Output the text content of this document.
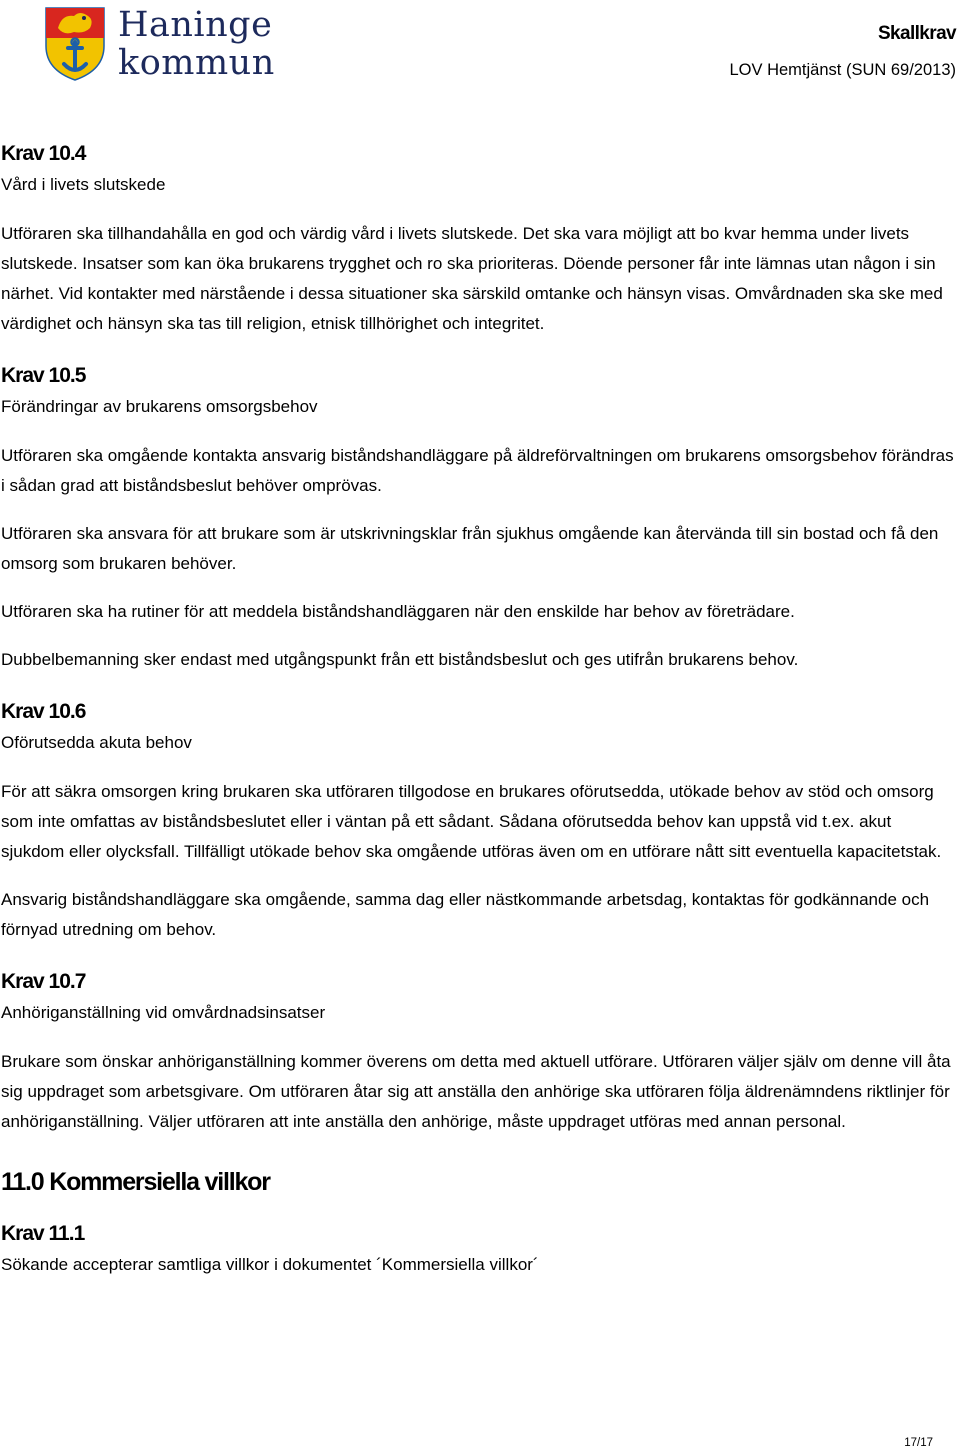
Haninge
kommun
Skallkrav
LOV Hemtjänst (SUN 69/2013)
Krav 10.4

Vård i livets slutskede

Utföraren ska tillhandahålla en god och värdig vård i livets slutskede. Det ska vara möjligt att bo kvar hemma under livets slutskede. Insatser som kan öka brukarens trygghet och ro ska prioriteras. Döende personer får inte lämnas utan någon i sin närhet. Vid kontakter med närstående i dessa situationer ska särskild omtanke och hänsyn visas. Omvårdnaden ska ske med värdighet och hänsyn ska tas till religion, etnisk tillhörighet och integritet.

Krav 10.5

Förändringar av brukarens omsorgsbehov

Utföraren ska omgående kontakta ansvarig biståndshandläggare på äldreförvaltningen om brukarens omsorgsbehov förändras i sådan grad att biståndsbeslut behöver omprövas.

Utföraren ska ansvara för att brukare som är utskrivningsklar från sjukhus omgående kan återvända till sin bostad och få den omsorg som brukaren behöver.

Utföraren ska ha rutiner för att meddela biståndshandläggaren när den enskilde har behov av företrädare.

Dubbelbemanning sker endast med utgångspunkt från ett biståndsbeslut och ges utifrån brukarens behov.

Krav 10.6

Oförutsedda akuta behov

För att säkra omsorgen kring brukaren ska utföraren tillgodose en brukares oförutsedda, utökade behov av stöd och omsorg som inte omfattas av biståndsbeslutet eller i väntan på ett sådant. Sådana oförutsedda behov kan uppstå vid t.ex. akut sjukdom eller olycksfall. Tillfälligt utökade behov ska omgående utföras även om en utförare nått sitt eventuella kapacitetstak.

Ansvarig biståndshandläggare ska omgående, samma dag eller nästkommande arbetsdag, kontaktas för godkännande och förnyad utredning om behov.

Krav 10.7

Anhöriganställning vid omvårdnadsinsatser

Brukare som önskar anhöriganställning kommer överens om detta med aktuell utförare. Utföraren väljer själv om denne vill åta sig uppdraget som arbetsgivare. Om utföraren åtar sig att anställa den anhörige ska utföraren följa äldrenämndens riktlinjer för anhöriganställning. Väljer utföraren att inte anställa den anhörige, måste uppdraget utföras med annan personal.

11.0 Kommersiella villkor
Krav 11.1

Sökande accepterar samtliga villkor i dokumentet ´Kommersiella villkor´

17/17
